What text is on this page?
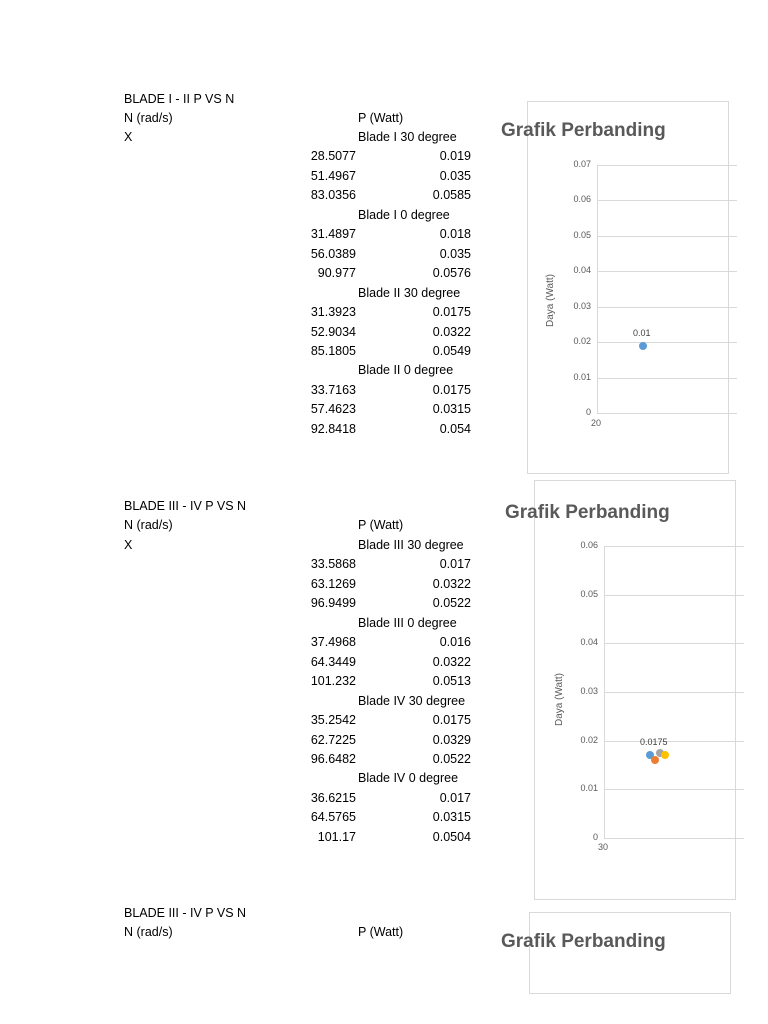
BLADE I - II P VS N
N (rad/s)	P (Watt)
X	Blade I 30 degree
28.5077	0.019
51.4967	0.035
83.0356	0.0585
Blade I 0 degree
31.4897	0.018
56.0389	0.035
90.977	0.0576
Blade II 30 degree
31.3923	0.0175
52.9034	0.0322
85.1805	0.0549
Blade II 0 degree
33.7163	0.0175
57.4623	0.0315
92.8418	0.054
Grafik Perbanding
Daya (Watt)
0.07
0.06
0.05
0.04
0.03
0.02
0.01
0
0.01
20
BLADE III - IV P VS N
N (rad/s)	P (Watt)
X	Blade III 30 degree
33.5868	0.017
63.1269	0.0322
96.9499	0.0522
Blade III 0 degree
37.4968	0.016
64.3449	0.0322
101.232	0.0513
Blade IV 30 degree
35.2542	0.0175
62.7225	0.0329
96.6482	0.0522
Blade IV 0 degree
36.6215	0.017
64.5765	0.0315
101.17	0.0504
Grafik Perbanding
Daya (Watt)
0.06
0.05
0.04
0.03
0.02
0.01
0
0.0175
30
BLADE III - IV P VS N
N (rad/s)	P (Watt)	Grafik Perbanding
